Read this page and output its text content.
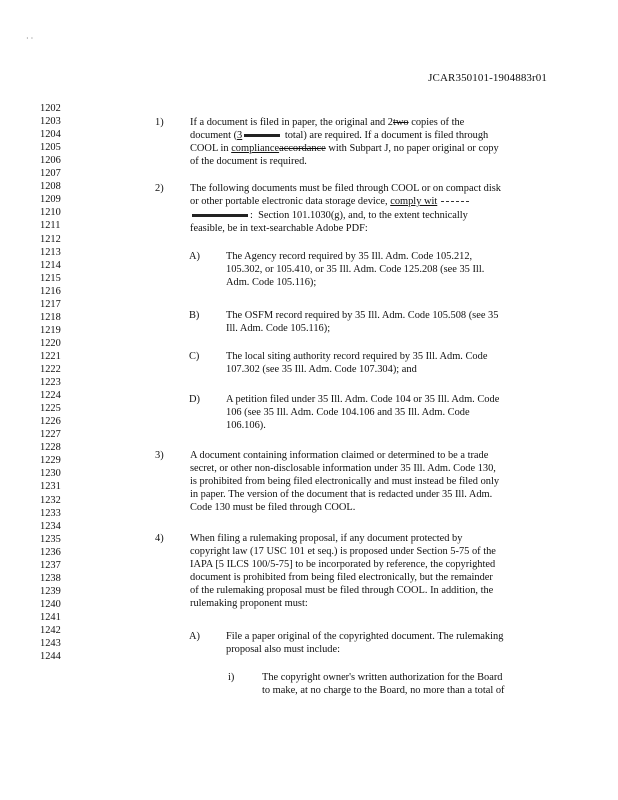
· ·
JCAR350101-1904883r01
1202
1203
1204
1205
1206
1207
1208
1209
1210
1211
1212
1213
1214
1215
1216
1217
1218
1219
1220
1221
1222
1223
1224
1225
1226
1227
1228
1229
1230
1231
1232
1233
1234
1235
1236
1237
1238
1239
1240
1241
1242
1243
1244
1)	If a document is filed in paper, the original and 2two copies of the
document (3	total) are required. If a document is filed through
COOL in complianceaccordance with Subpart J, no paper original or copy
of the document is required.
2)	The following documents must be filed through COOL or on compact disk
or other portable electronic data storage device, comply wit
:  Section 101.1030(g), and, to the extent technically
feasible, be in text-searchable Adobe PDF:
A)	The Agency record required by 35 Ill. Adm. Code 105.212,
105.302, or 105.410, or 35 Ill. Adm. Code 125.208 (see 35 Ill.
Adm. Code 105.116);
B)	The OSFM record required by 35 Ill. Adm. Code 105.508 (see 35
Ill. Adm. Code 105.116);
C)	The local siting authority record required by 35 Ill. Adm. Code
107.302 (see 35 Ill. Adm. Code 107.304); and
D)	A petition filed under 35 Ill. Adm. Code 104 or 35 Ill. Adm. Code
106 (see 35 Ill. Adm. Code 104.106 and 35 Ill. Adm. Code
106.106).
3)	A document containing information claimed or determined to be a trade
secret, or other non-disclosable information under 35 Ill. Adm. Code 130,
is prohibited from being filed electronically and must instead be filed only
in paper. The version of the document that is redacted under 35 Ill. Adm.
Code 130 must be filed through COOL.
4)	When filing a rulemaking proposal, if any document protected by
copyright law (17 USC 101 et seq.) is proposed under Section 5-75 of the
IAPA [5 ILCS 100/5-75] to be incorporated by reference, the copyrighted
document is prohibited from being filed electronically, but the remainder
of the rulemaking proposal must be filed through COOL. In addition, the
rulemaking proponent must:
A)	File a paper original of the copyrighted document. The rulemaking
proposal also must include:
i)	The copyright owner's written authorization for the Board
to make, at no charge to the Board, no more than a total of
